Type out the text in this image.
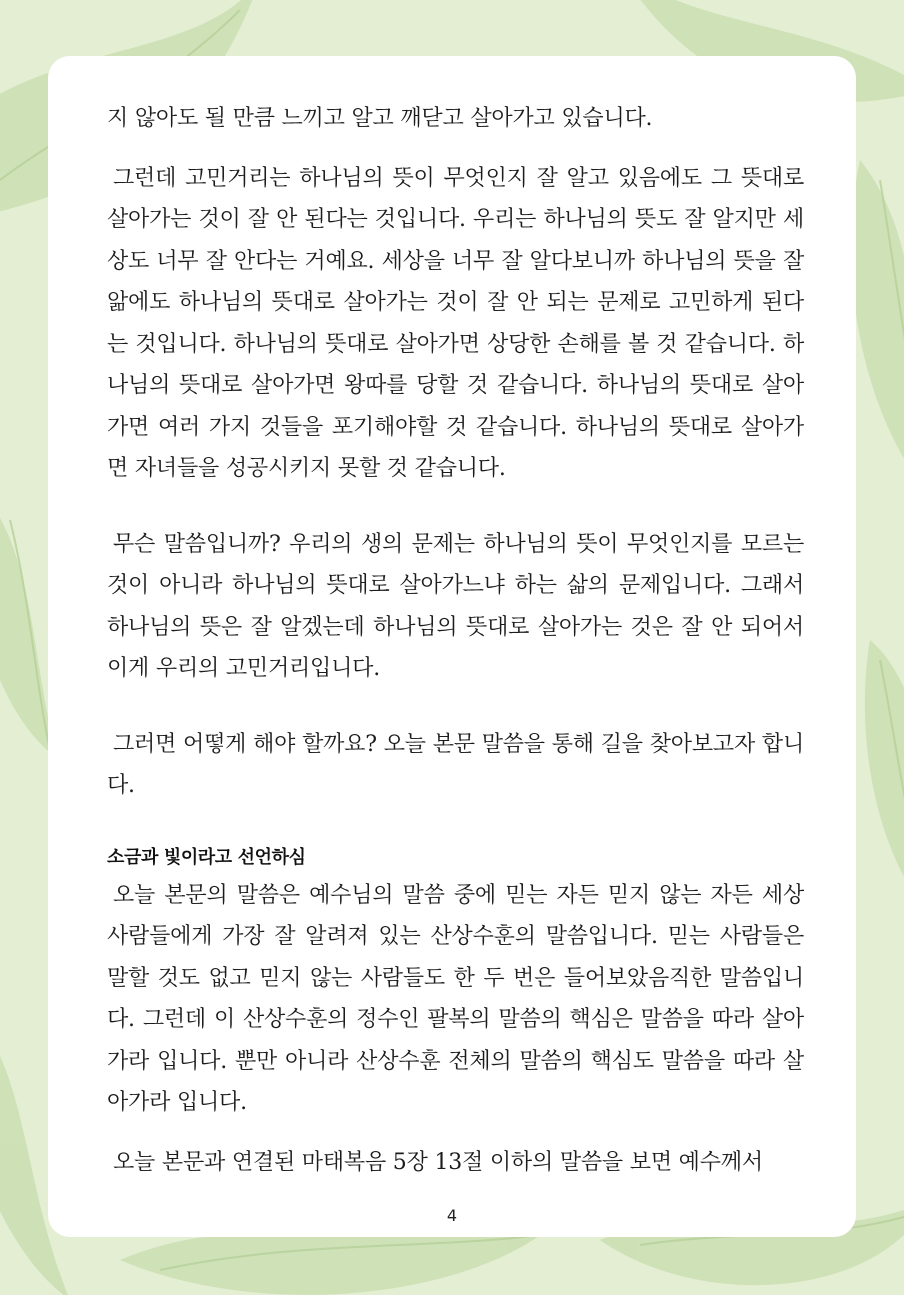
지 않아도 될 만큼 느끼고 알고 깨닫고 살아가고 있습니다.

그런데 고민거리는 하나님의 뜻이 무엇인지 잘 알고 있음에도 그 뜻대로 살아가는 것이 잘 안 된다는 것입니다. 우리는 하나님의 뜻도 잘 알지만 세상도 너무 잘 안다는 거예요. 세상을 너무 잘 알다보니까 하나님의 뜻을 잘 앎에도 하나님의 뜻대로 살아가는 것이 잘 안 되는 문제로 고민하게 된다는 것입니다. 하나님의 뜻대로 살아가면 상당한 손해를 볼 것 같습니다. 하나님의 뜻대로 살아가면 왕따를 당할 것 같습니다. 하나님의 뜻대로 살아가면 여러 가지 것들을 포기해야할 것 같습니다. 하나님의 뜻대로 살아가면 자녀들을 성공시키지 못할 것 같습니다.

무슨 말씀입니까? 우리의 생의 문제는 하나님의 뜻이 무엇인지를 모르는 것이 아니라 하나님의 뜻대로 살아가느냐 하는 삶의 문제입니다. 그래서 하나님의 뜻은 잘 알겠는데 하나님의 뜻대로 살아가는 것은 잘 안 되어서 이게 우리의 고민거리입니다.

그러면 어떻게 해야 할까요? 오늘 본문 말씀을 통해 길을 찾아보고자 합니다.

소금과 빛이라고 선언하심

오늘 본문의 말씀은 예수님의 말씀 중에 믿는 자든 믿지 않는 자든 세상 사람들에게 가장 잘 알려져 있는 산상수훈의 말씀입니다. 믿는 사람들은 말할 것도 없고 믿지 않는 사람들도 한 두 번은 들어보았음직한 말씀입니다. 그런데 이 산상수훈의 정수인 팔복의 말씀의 핵심은 말씀을 따라 살아가라 입니다. 뿐만 아니라 산상수훈 전체의 말씀의 핵심도 말씀을 따라 살아가라 입니다.

오늘 본문과 연결된 마태복음 5장 13절 이하의 말씀을 보면 예수께서

4
